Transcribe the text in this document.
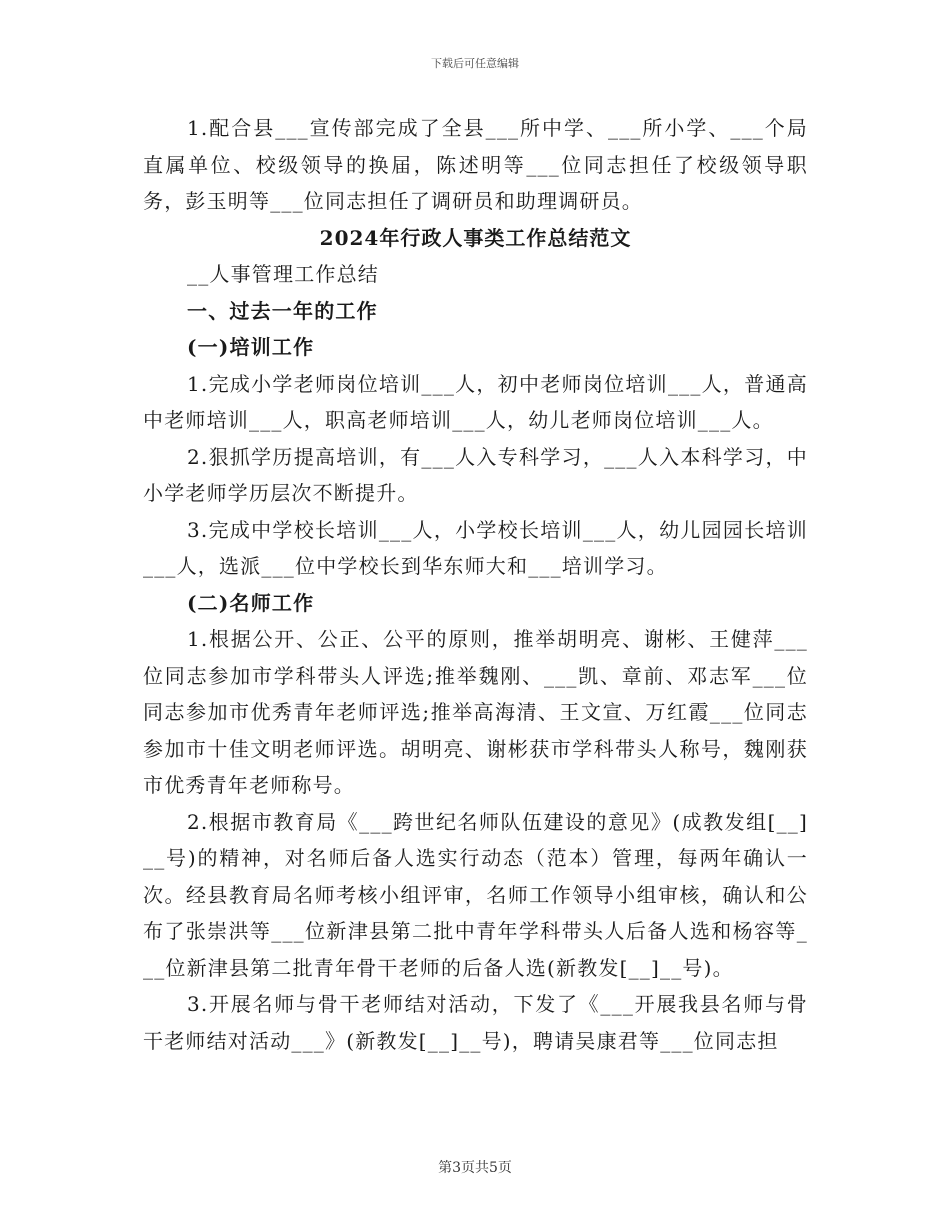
下载后可任意编辑

1.配合县___宣传部完成了全县___所中学、___所小学、___个局直属单位、校级领导的换届，陈述明等___位同志担任了校级领导职务，彭玉明等___位同志担任了调研员和助理调研员。

2024年行政人事类工作总结范文

__人事管理工作总结

一、过去一年的工作

(一)培训工作

1.完成小学老师岗位培训___人，初中老师岗位培训___人，普通高中老师培训___人，职高老师培训___人，幼儿老师岗位培训___人。

2.狠抓学历提高培训，有___人入专科学习，___人入本科学习，中小学老师学历层次不断提升。

3.完成中学校长培训___人，小学校长培训___人，幼儿园园长培训___人，选派___位中学校长到华东师大和___培训学习。

(二)名师工作

1.根据公开、公正、公平的原则，推举胡明亮、谢彬、王健萍___位同志参加市学科带头人评选;推举魏刚、___凯、章前、邓志军___位同志参加市优秀青年老师评选;推举高海清、王文宣、万红霞___位同志参加市十佳文明老师评选。胡明亮、谢彬获市学科带头人称号，魏刚获市优秀青年老师称号。

2.根据市教育局《___跨世纪名师队伍建设的意见》(成教发组[__]__号)的精神，对名师后备人选实行动态（范本）管理，每两年确认一次。经县教育局名师考核小组评审，名师工作领导小组审核，确认和公布了张崇洪等___位新津县第二批中青年学科带头人后备人选和杨容等___位新津县第二批青年骨干老师的后备人选(新教发[__]__号)。

3.开展名师与骨干老师结对活动，下发了《___开展我县名师与骨干老师结对活动___》(新教发[__]__号)，聘请吴康君等___位同志担

第3页共5页
